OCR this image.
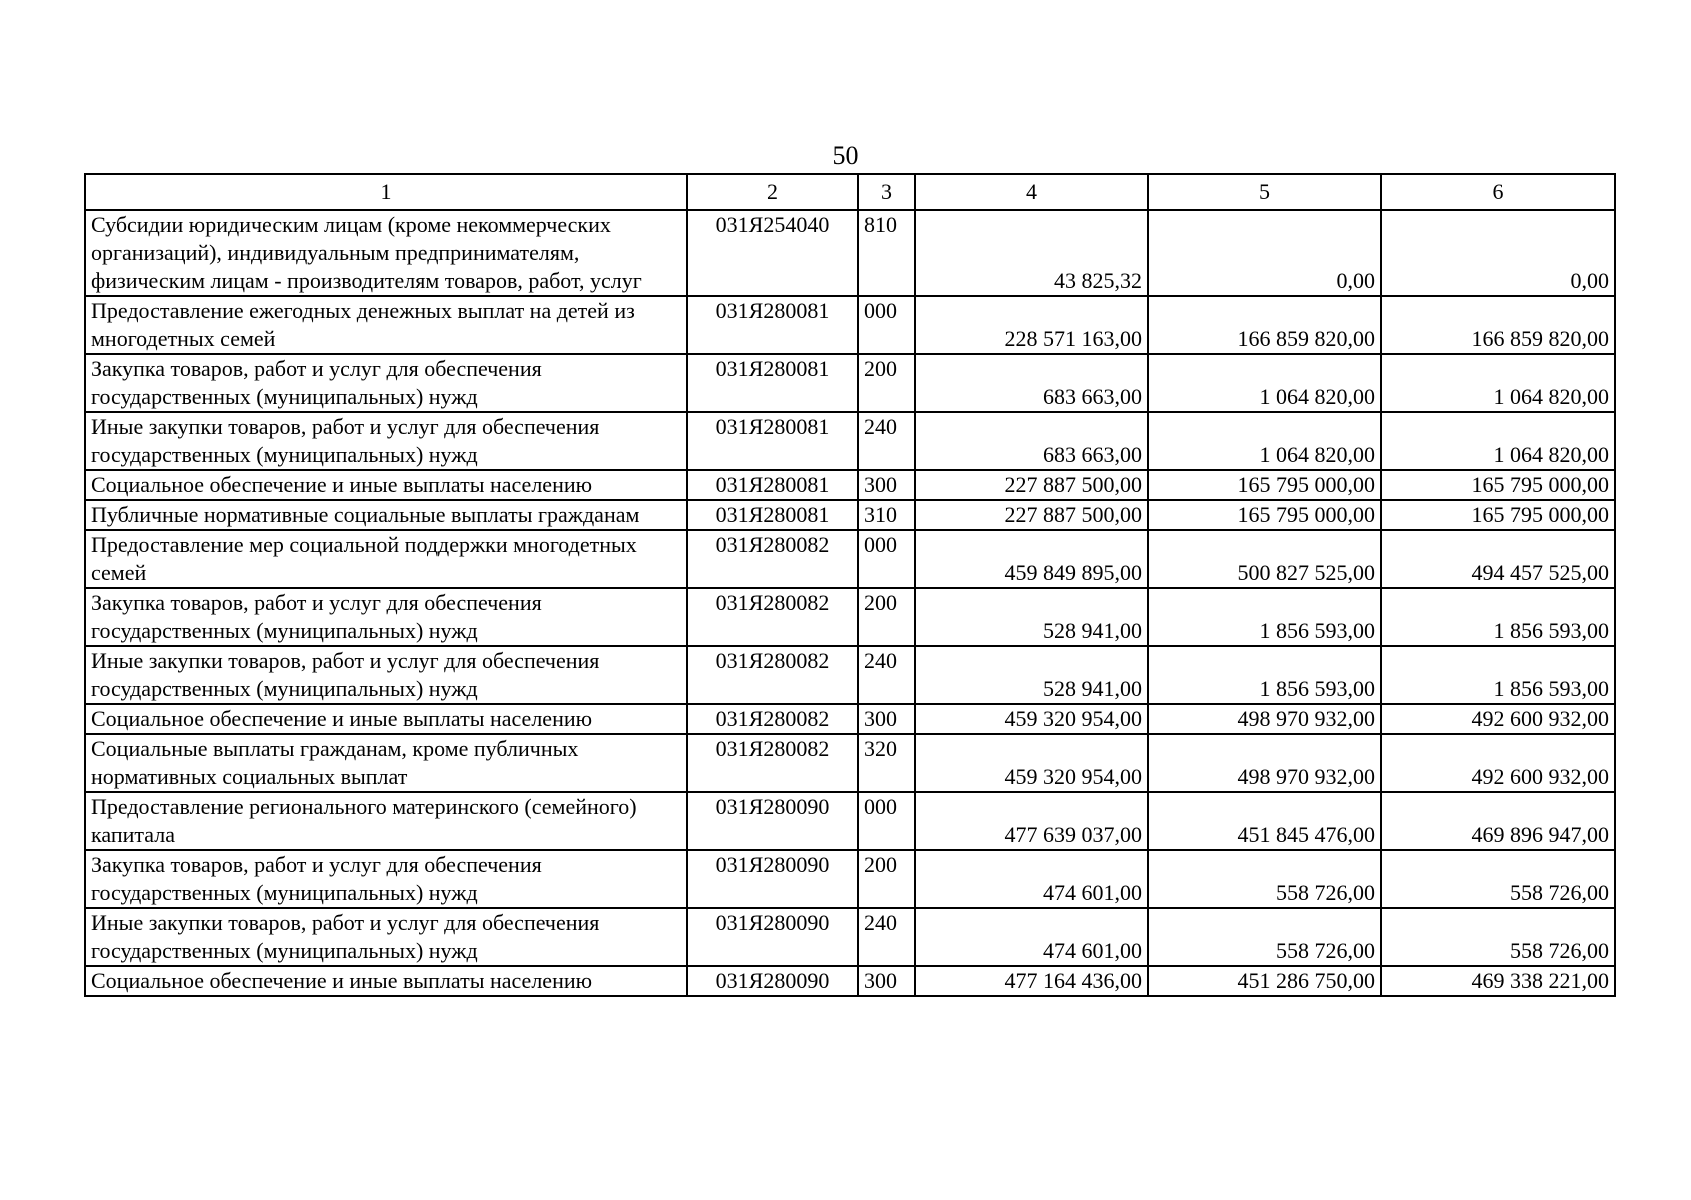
50
1	2	3	4	5	6
Субсидии юридическим лицам (кроме некоммерческих организаций), индивидуальным предпринимателям, физическим лицам - производителям товаров, работ, услуг	031Я254040	810	43 825,32	0,00	0,00
Предоставление ежегодных денежных выплат на детей из многодетных семей	031Я280081	000	228 571 163,00	166 859 820,00	166 859 820,00
Закупка товаров, работ и услуг для обеспечения государственных (муниципальных) нужд	031Я280081	200	683 663,00	1 064 820,00	1 064 820,00
Иные закупки товаров, работ и услуг для обеспечения государственных (муниципальных) нужд	031Я280081	240	683 663,00	1 064 820,00	1 064 820,00
Социальное обеспечение и иные выплаты населению	031Я280081	300	227 887 500,00	165 795 000,00	165 795 000,00
Публичные нормативные социальные выплаты гражданам	031Я280081	310	227 887 500,00	165 795 000,00	165 795 000,00
Предоставление мер социальной поддержки многодетных семей	031Я280082	000	459 849 895,00	500 827 525,00	494 457 525,00
Закупка товаров, работ и услуг для обеспечения государственных (муниципальных) нужд	031Я280082	200	528 941,00	1 856 593,00	1 856 593,00
Иные закупки товаров, работ и услуг для обеспечения государственных (муниципальных) нужд	031Я280082	240	528 941,00	1 856 593,00	1 856 593,00
Социальное обеспечение и иные выплаты населению	031Я280082	300	459 320 954,00	498 970 932,00	492 600 932,00
Социальные выплаты гражданам, кроме публичных нормативных социальных выплат	031Я280082	320	459 320 954,00	498 970 932,00	492 600 932,00
Предоставление регионального материнского (семейного) капитала	031Я280090	000	477 639 037,00	451 845 476,00	469 896 947,00
Закупка товаров, работ и услуг для обеспечения государственных (муниципальных) нужд	031Я280090	200	474 601,00	558 726,00	558 726,00
Иные закупки товаров, работ и услуг для обеспечения государственных (муниципальных) нужд	031Я280090	240	474 601,00	558 726,00	558 726,00
Социальное обеспечение и иные выплаты населению	031Я280090	300	477 164 436,00	451 286 750,00	469 338 221,00
